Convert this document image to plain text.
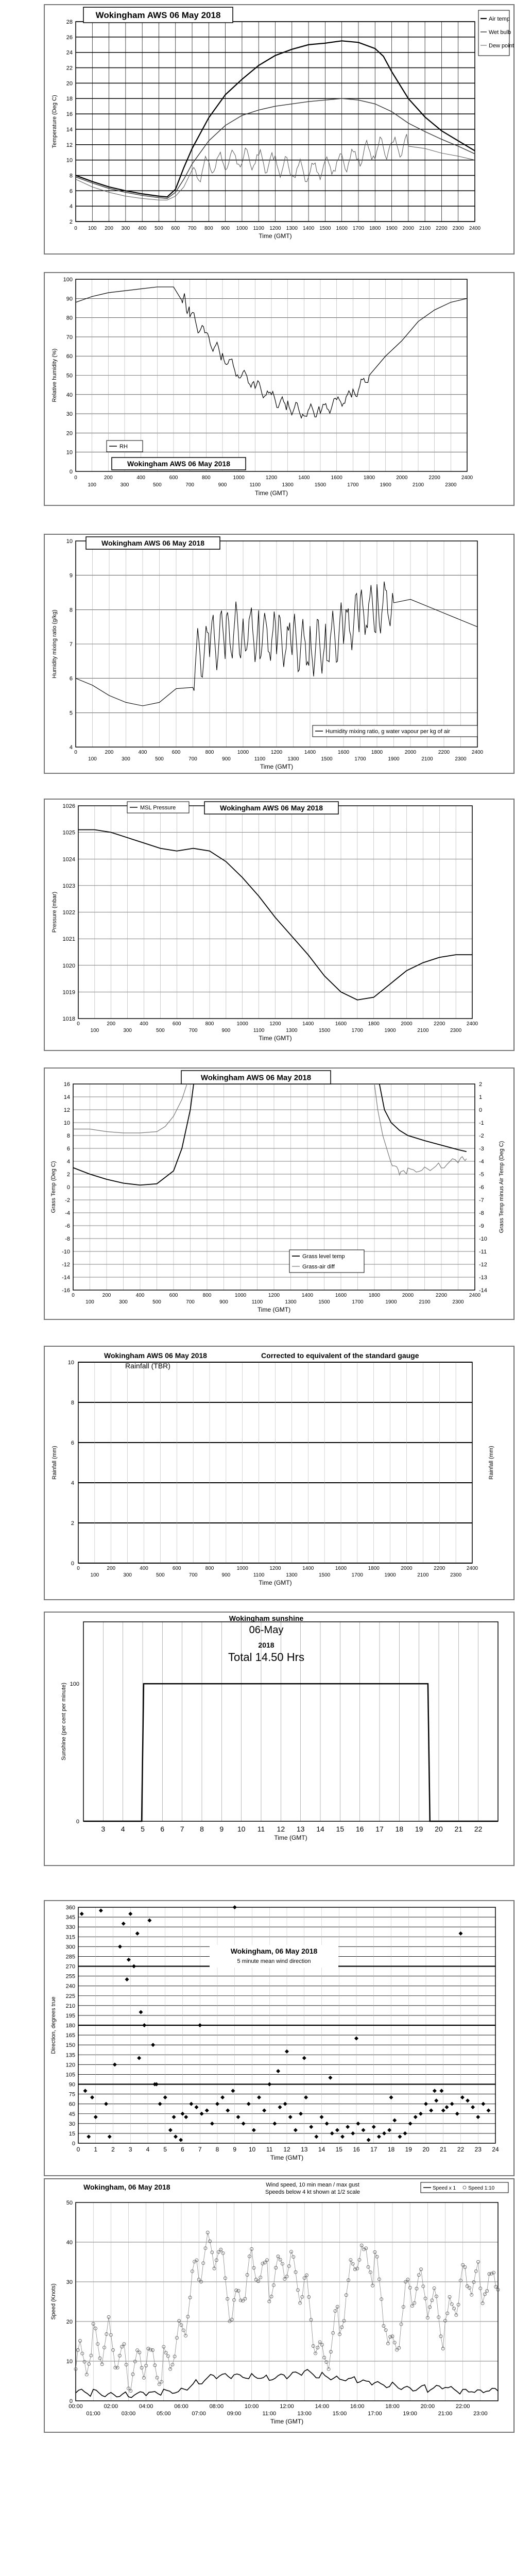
Wokingham AWS 06 May 2018
2
4
6
8
10
12
14
16
18
20
22
24
26
28
0 100 200 300 400 500 600 700 800 900 1000 1100 1200 1300 1400 1500 1600 1700 1800 1900 2000 2100 2200 2300 2400
Time (GMT)
Temperature (Deg C)
Air temp
Wet bulb
Dew point
0
10
20
30
40
50
60
70
80
90
100
0	200	400	600	800	1000	1200	1400	1600	1800	2000	2200	2400
100	300	500	700	900	1100	1300	1500	1700	1900	2100	2300
Time (GMT)
Relative humidity (%)
RH
Wokingham AWS 06 May 2018
Wokingham AWS 06 May 2018
4
5
6
7
8
9
10
0	200	400	600	800	1000	1200	1400	1600	1800	2000	2200	2400
100	300	500	700	900	1100	1300	1500	1700	1900	2100	2300
Time (GMT)
Humidity mixing ratio (g/kg)
Humidity mixing ratio, g water vapour per kg of air
MSL Pressure	Wokingham AWS 06 May 2018
1018
1019
1020
1021
1022
1023
1024
1025
1026
0	200	400	600	800	1000	1200	1400	1600	1800	2000	2200	2400
100	300	500	700	900	1100	1300	1500	1700	1900	2100	2300
Time (GMT)
Pressure (mbar)
Wokingham AWS 06 May 2018
16
14
12
10
8
6
4
2
0
-2
-4
-6
-8
-10
-12
-14
-16
2
1
0
-1
-2
-3
-4
-5
-6
-7
-8
-9
-10
-11
-12
-13
-14
0	200	400	600	800	1000	1200	1400	1600	1800	2000	2200	2400
100	300	500	700	900	1100	1300	1500	1700	1900	2100	2300
Time (GMT)
Grass Temp (Deg C)	Grass Temp minus Air Temp (Deg C)
Grass level temp
Grass-air diff
Wokingham AWS 06 May 2018
Rainfall (TBR)
Corrected to equivalent of the standard gauge
0
2
4
6
8
10
0	200	400	600	800	1000	1200	1400	1600	1800	2000	2200	2400
100	300	500	700	900	1100	1300	1500	1700	1900	2100	2300
Time (GMT)
Rainfall (mm)	Rainfall (mm)
Wokingham sunshine
06-May
2018
Total 14.50 Hrs
0
100
3 4 5 6 7 8 9 10 11 12 13 14 15 16 17 18 19 20 21 22
Time (GMT)
Sunshine (per cent per minute)
Wokingham, 06 May 2018
5 minute mean wind direction
0
15
30
45
60
75
90
105
120
135
150
165
180
195
210
225
240
255
270
285
300
315
330
345
360
0 1 2 3 4 5 6 7 8 9 10 11 12 13 14 15 16 17 18 19 20 21 22 23 24
Time (GMT)
Direction, degrees true
Wokingham, 06 May 2018	Wind speed, 10 min mean / max gust
Speeds below 4 kt shown at 1/2 scale
Speed x 1 Speed 1:10
0
10
20
30
40
50
00:00	02:00	04:00	06:00	08:00	10:00	12:00	14:00	16:00	18:00	20:00	22:00
01:00	03:00	05:00	07:00	09:00	11:00	13:00	15:00	17:00	19:00	21:00	23:00
Time (GMT)
Speed (Knots)
